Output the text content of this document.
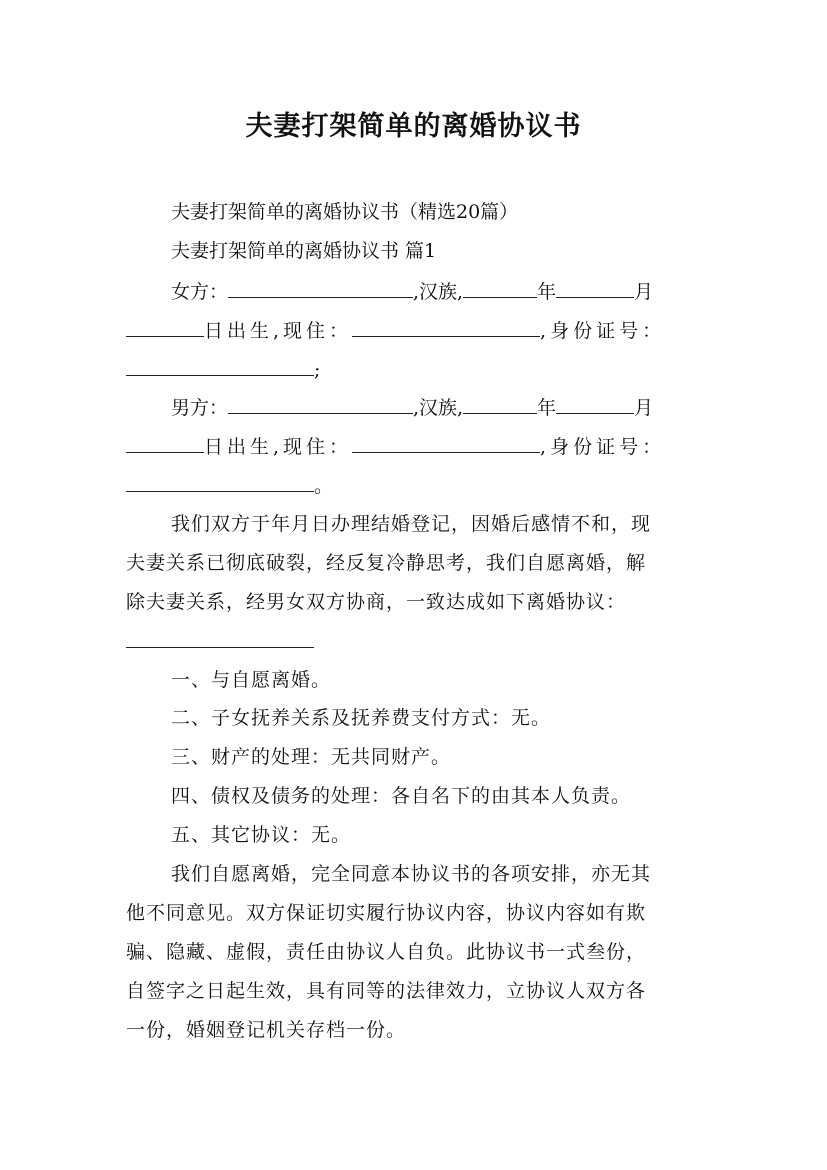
夫妻打架简单的离婚协议书
夫妻打架简单的离婚协议书（精选20篇）
夫妻打架简单的离婚协议书 篇1
女方：	,汉族,	年	月
日出生,现住：	,身份证号：
;
男方：	,汉族,	年	月
日出生,现住：	,身份证号：
。
我们双方于年月日办理结婚登记，因婚后感情不和，现
夫妻关系已彻底破裂，经反复冷静思考，我们自愿离婚，解
除夫妻关系，经男女双方协商，一致达成如下离婚协议：
一、与自愿离婚。
二、子女抚养关系及抚养费支付方式：无。
三、财产的处理：无共同财产。
四、债权及债务的处理：各自名下的由其本人负责。
五、其它协议：无。
我们自愿离婚，完全同意本协议书的各项安排，亦无其
他不同意见。双方保证切实履行协议内容，协议内容如有欺
骗、隐藏、虚假，责任由协议人自负。此协议书一式叁份，
自签字之日起生效，具有同等的法律效力，立协议人双方各
一份，婚姻登记机关存档一份。
